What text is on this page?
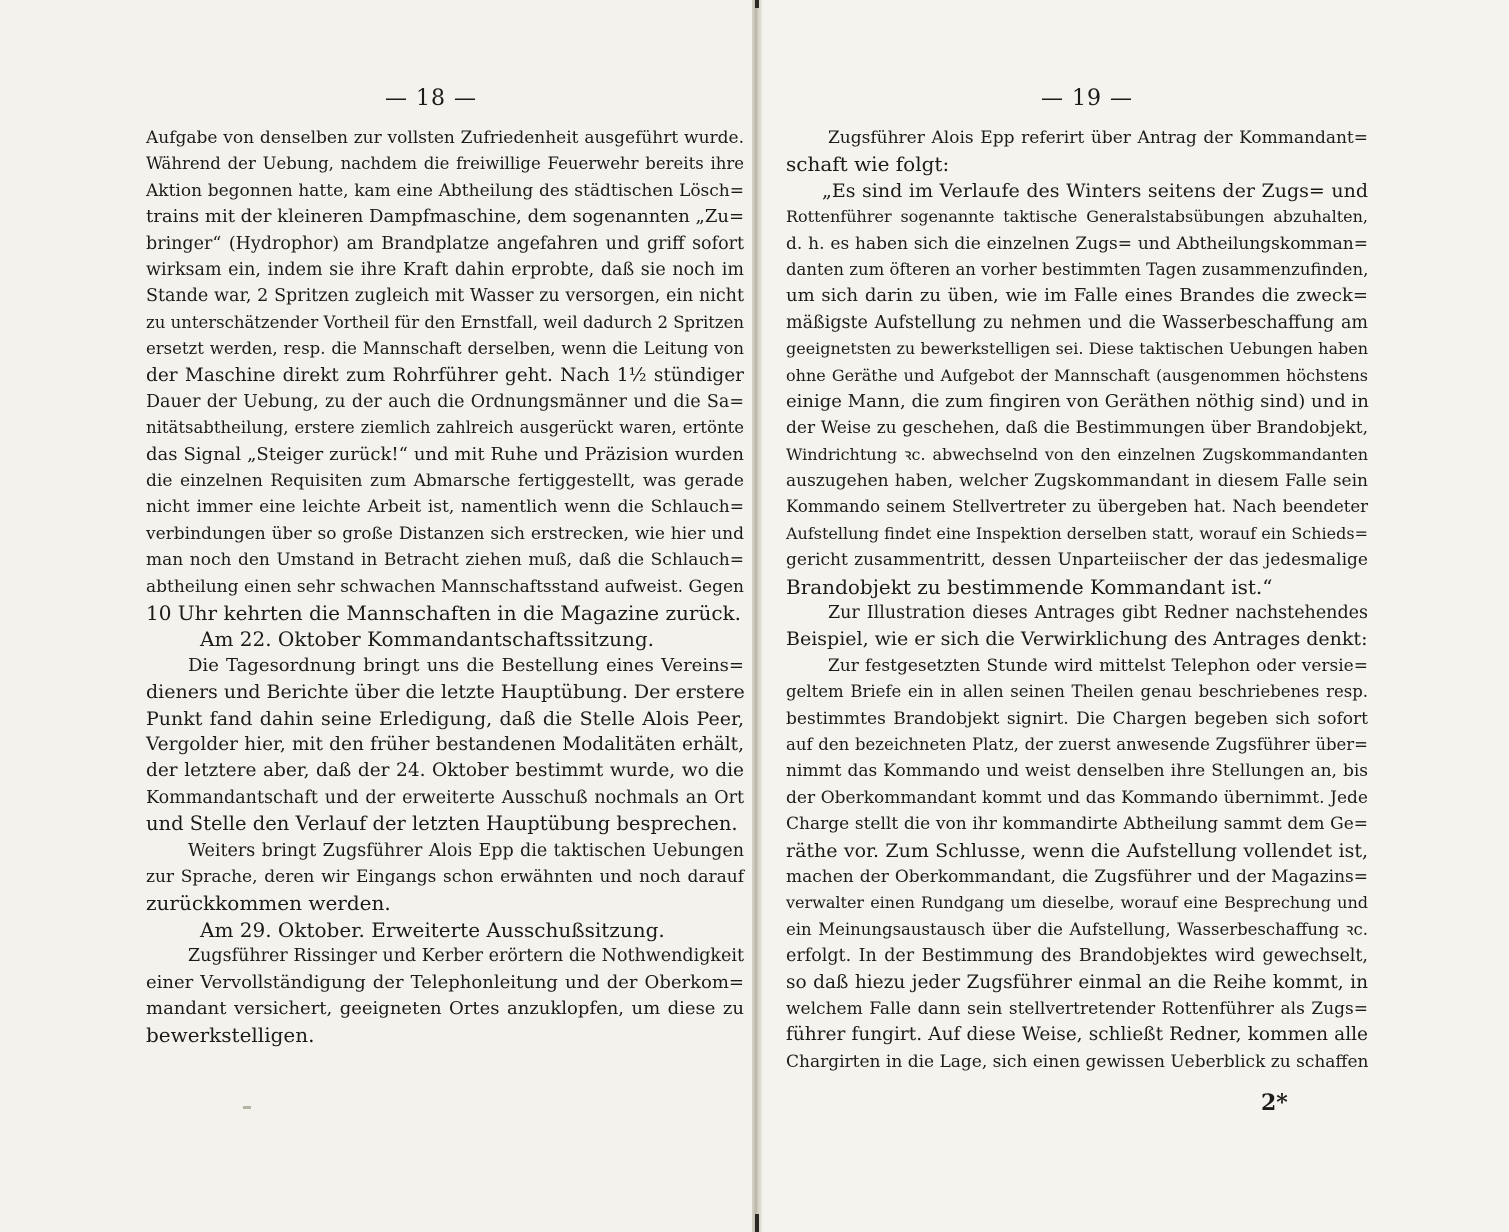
— 18 —
Aufgabe von denselben zur vollsten Zufriedenheit ausgeführt wurde.
Während der Uebung, nachdem die freiwillige Feuerwehr bereits ihre
Aktion begonnen hatte, kam eine Abtheilung des städtischen Lösch=
trains mit der kleineren Dampfmaschine, dem sogenannten „Zu=
bringer“ (Hydrophor) am Brandplatze angefahren und griff sofort
wirksam ein, indem sie ihre Kraft dahin erprobte, daß sie noch im
Stande war, 2 Spritzen zugleich mit Wasser zu versorgen, ein nicht
zu unterschätzender Vortheil für den Ernstfall, weil dadurch 2 Spritzen
ersetzt werden, resp. die Mannschaft derselben, wenn die Leitung von
der Maschine direkt zum Rohrführer geht. Nach 1½ stündiger
Dauer der Uebung, zu der auch die Ordnungsmänner und die Sa=
nitätsabtheilung, erstere ziemlich zahlreich ausgerückt waren, ertönte
das Signal „Steiger zurück!“ und mit Ruhe und Präzision wurden
die einzelnen Requisiten zum Abmarsche fertiggestellt, was gerade
nicht immer eine leichte Arbeit ist, namentlich wenn die Schlauch=
verbindungen über so große Distanzen sich erstrecken, wie hier und
man noch den Umstand in Betracht ziehen muß, daß die Schlauch=
abtheilung einen sehr schwachen Mannschaftsstand aufweist. Gegen
10 Uhr kehrten die Mannschaften in die Magazine zurück.
Am 22. Oktober Kommandantschaftssitzung.
Die Tagesordnung bringt uns die Bestellung eines Vereins=
dieners und Berichte über die letzte Hauptübung. Der erstere
Punkt fand dahin seine Erledigung, daß die Stelle Alois Peer,
Vergolder hier, mit den früher bestandenen Modalitäten erhält,
der letztere aber, daß der 24. Oktober bestimmt wurde, wo die
Kommandantschaft und der erweiterte Ausschuß nochmals an Ort
und Stelle den Verlauf der letzten Hauptübung besprechen.
Weiters bringt Zugsführer Alois Epp die taktischen Uebungen
zur Sprache, deren wir Eingangs schon erwähnten und noch darauf
zurückkommen werden.
Am 29. Oktober. Erweiterte Ausschußsitzung.
Zugsführer Rissinger und Kerber erörtern die Nothwendigkeit
einer Vervollständigung der Telephonleitung und der Oberkom=
mandant versichert, geeigneten Ortes anzuklopfen, um diese zu
bewerkstelligen.
— 19 —
Zugsführer Alois Epp referirt über Antrag der Kommandant=
schaft wie folgt:
„Es sind im Verlaufe des Winters seitens der Zugs= und
Rottenführer sogenannte taktische Generalstabsübungen abzuhalten,
d. h. es haben sich die einzelnen Zugs= und Abtheilungskomman=
danten zum öfteren an vorher bestimmten Tagen zusammenzufinden,
um sich darin zu üben, wie im Falle eines Brandes die zweck=
mäßigste Aufstellung zu nehmen und die Wasserbeschaffung am
geeignetsten zu bewerkstelligen sei. Diese taktischen Uebungen haben
ohne Geräthe und Aufgebot der Mannschaft (ausgenommen höchstens
einige Mann, die zum fingiren von Geräthen nöthig sind) und in
der Weise zu geschehen, daß die Bestimmungen über Brandobjekt,
Windrichtung ꝛc. abwechselnd von den einzelnen Zugskommandanten
auszugehen haben, welcher Zugskommandant in diesem Falle sein
Kommando seinem Stellvertreter zu übergeben hat. Nach beendeter
Aufstellung findet eine Inspektion derselben statt, worauf ein Schieds=
gericht zusammentritt, dessen Unparteiischer der das jedesmalige
Brandobjekt zu bestimmende Kommandant ist.“
Zur Illustration dieses Antrages gibt Redner nachstehendes
Beispiel, wie er sich die Verwirklichung des Antrages denkt:
Zur festgesetzten Stunde wird mittelst Telephon oder versie=
geltem Briefe ein in allen seinen Theilen genau beschriebenes resp.
bestimmtes Brandobjekt signirt. Die Chargen begeben sich sofort
auf den bezeichneten Platz, der zuerst anwesende Zugsführer über=
nimmt das Kommando und weist denselben ihre Stellungen an, bis
der Oberkommandant kommt und das Kommando übernimmt. Jede
Charge stellt die von ihr kommandirte Abtheilung sammt dem Ge=
räthe vor. Zum Schlusse, wenn die Aufstellung vollendet ist,
machen der Oberkommandant, die Zugsführer und der Magazins=
verwalter einen Rundgang um dieselbe, worauf eine Besprechung und
ein Meinungsaustausch über die Aufstellung, Wasserbeschaffung ꝛc.
erfolgt. In der Bestimmung des Brandobjektes wird gewechselt,
so daß hiezu jeder Zugsführer einmal an die Reihe kommt, in
welchem Falle dann sein stellvertretender Rottenführer als Zugs=
führer fungirt. Auf diese Weise, schließt Redner, kommen alle
Chargirten in die Lage, sich einen gewissen Ueberblick zu schaffen
2*
